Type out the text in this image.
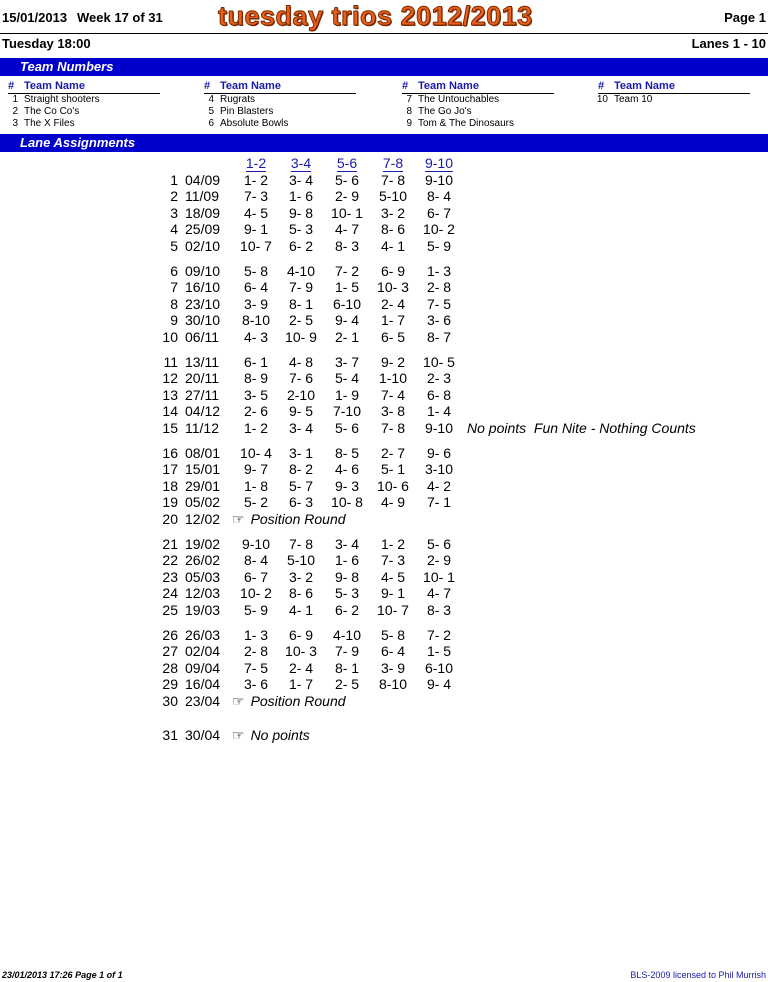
15/01/2013 Week 17 of 31 tuesday trios 2012/2013	Page 1
Tuesday 18:00	Lanes 1 - 10
Team Numbers
# Team Name
1 Straight shooters
2 The Co Co's
3 The X Files
# Team Name
4 Rugrats
5 Pin Blasters
6 Absolute Bowls
# Team Name
7 The Untouchables
8 The Go Jo's
9 Tom & The Dinosaurs
# Team Name
10 Team 10
Lane Assignments
1-2	3-4	5-6	7-8	9-10
1 04/09	1- 2	3- 4	5- 6	7- 8	9-10
2 11/09	7- 3	1- 6	2- 9	5-10	8- 4
3 18/09	4- 5	9- 8	10- 1	3- 2	6- 7
4 25/09	9- 1	5- 3	4- 7	8- 6	10- 2
5 02/10	10- 7	6- 2	8- 3	4- 1	5- 9
6 09/10	5- 8	4-10	7- 2	6- 9	1- 3
7 16/10	6- 4	7- 9	1- 5	10- 3	2- 8
8 23/10	3- 9	8- 1	6-10	2- 4	7- 5
9 30/10	8-10	2- 5	9- 4	1- 7	3- 6
10 06/11	4- 3	10- 9	2- 1	6- 5	8- 7
11 13/11	6- 1	4- 8	3- 7	9- 2	10- 5
12 20/11	8- 9	7- 6	5- 4	1-10	2- 3
13 27/11	3- 5	2-10	1- 9	7- 4	6- 8
14 04/12	2- 6	9- 5	7-10	3- 8	1- 4
15 11/12	1- 2	3- 4	5- 6	7- 8	9-10 No points  Fun Nite - Nothing Counts
16 08/01	10- 4	3- 1	8- 5	2- 7	9- 6
17 15/01	9- 7	8- 2	4- 6	5- 1	3-10
18 29/01	1- 8	5- 7	9- 3	10- 6	4- 2
19 05/02	5- 2	6- 3	10- 8	4- 9	7- 1
20 12/02 ☞ Position Round
21 19/02	9-10	7- 8	3- 4	1- 2	5- 6
22 26/02	8- 4	5-10	1- 6	7- 3	2- 9
23 05/03	6- 7	3- 2	9- 8	4- 5	10- 1
24 12/03	10- 2	8- 6	5- 3	9- 1	4- 7
25 19/03	5- 9	4- 1	6- 2	10- 7	8- 3
26 26/03	1- 3	6- 9	4-10	5- 8	7- 2
27 02/04	2- 8	10- 3	7- 9	6- 4	1- 5
28 09/04	7- 5	2- 4	8- 1	3- 9	6-10
29 16/04	3- 6	1- 7	2- 5	8-10	9- 4
30 23/04 ☞ Position Round
31 30/04 ☞ No points
23/01/2013 17:26 Page 1 of 1	BLS-2009 licensed to Phil Murrish
